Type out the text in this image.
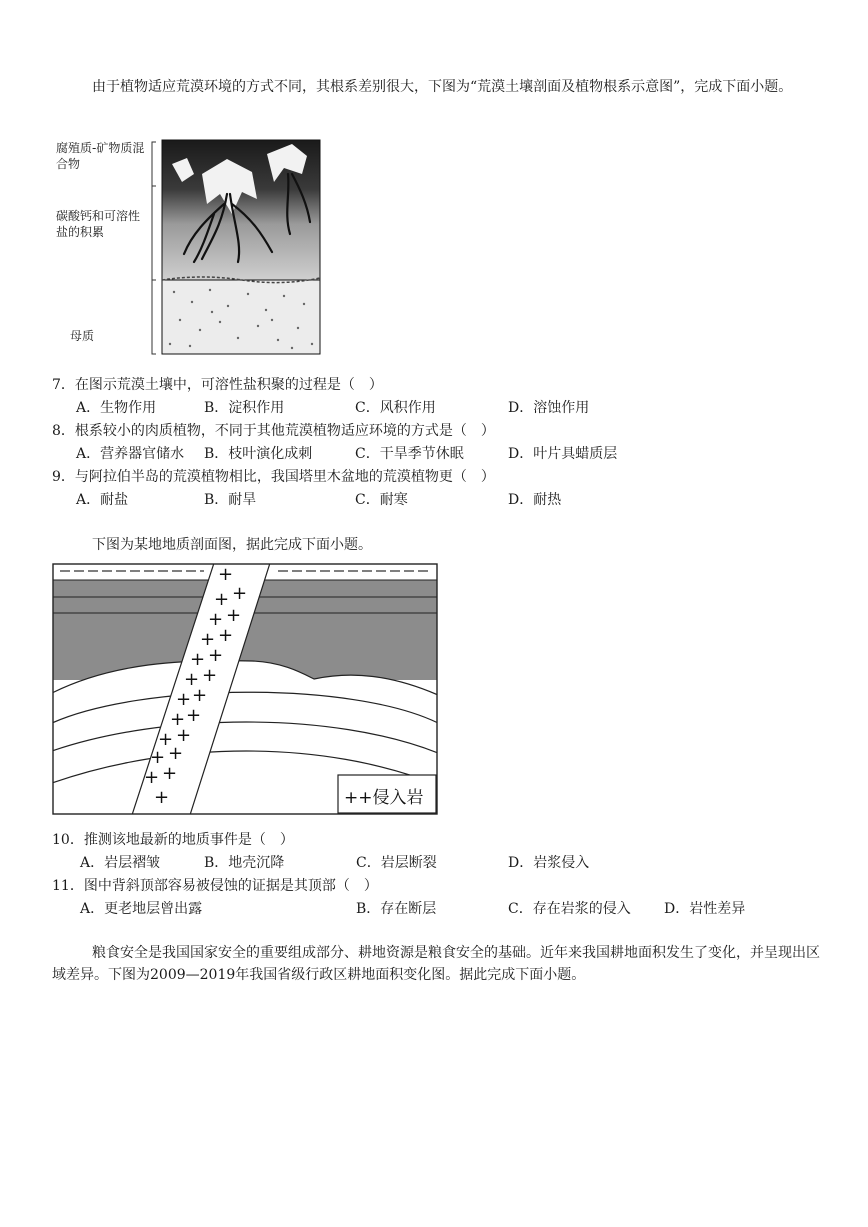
由于植物适应荒漠环境的方式不同，其根系差别很大，下图为“荒漠土壤剖面及植物根系示意图”，完成下面小题。
腐殖质-矿物质混合物
碳酸钙和可溶性盐的积累
母质
7．在图示荒漠土壤中，可溶性盐积聚的过程是（　）
A．生物作用	B．淀积作用	C．风积作用	D．溶蚀作用
8．根系较小的肉质植物，不同于其他荒漠植物适应环境的方式是（　）
A．营养器官储水 B．枝叶演化成刺	C．干旱季节休眠	D．叶片具蜡质层
9．与阿拉伯半岛的荒漠植物相比，我国塔里木盆地的荒漠植物更（　）
A．耐盐	B．耐旱	C．耐寒	D．耐热
下图为某地地质剖面图，据此完成下面小题。
+
+ +
+ +
+ +
+ +
+ +
+ +
+ +
+ +
+ +
+ +
+	++侵入岩
10．推测该地最新的地质事件是（　）
A．岩层褶皱	B．地壳沉降	C．岩层断裂	D．岩浆侵入
11．图中背斜顶部容易被侵蚀的证据是其顶部（　）
A．更老地层曾出露	B．存在断层	C．存在岩浆的侵入 D．岩性差异
粮食安全是我国国家安全的重要组成部分、耕地资源是粮食安全的基础。近年来我国耕地面积发生了变化，并呈现出区域差异。下图为2009—2019年我国省级行政区耕地面积变化图。据此完成下面小题。
